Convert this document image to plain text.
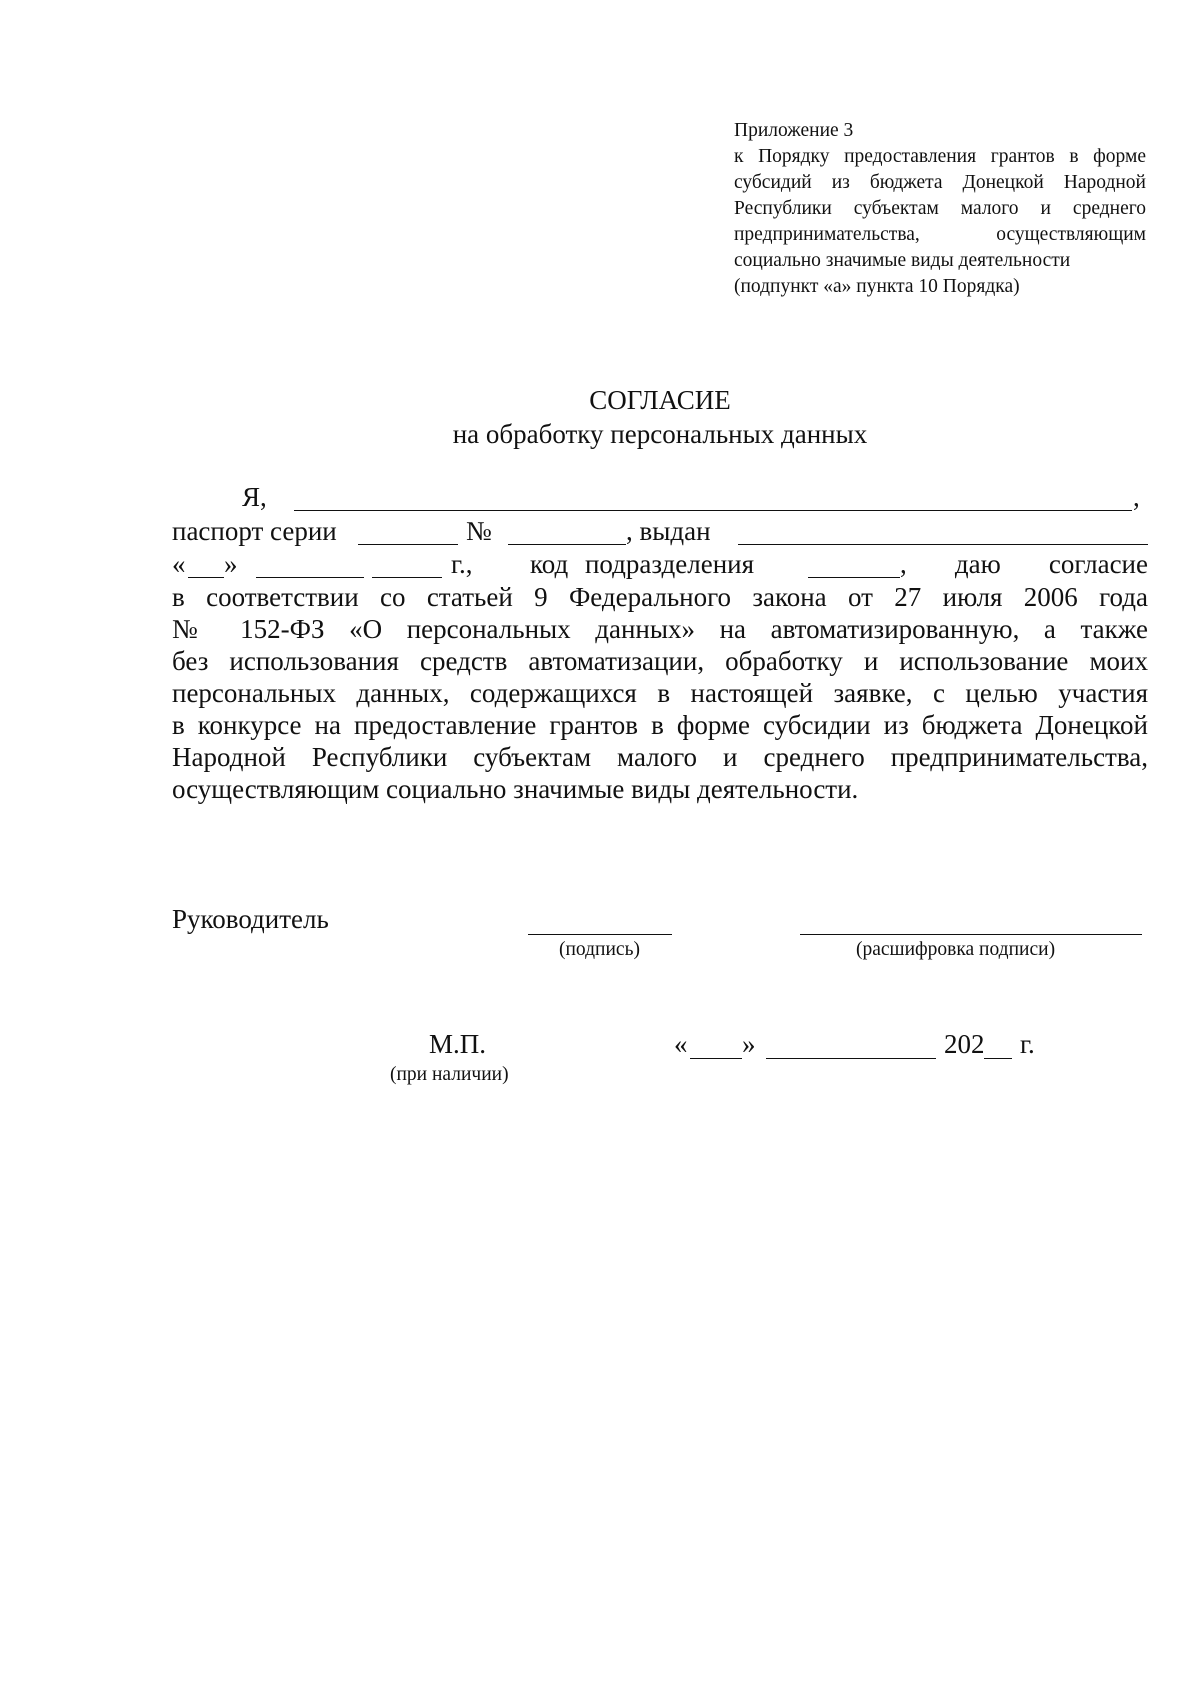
Приложение 3
к Порядку предоставления грантов в форме
субсидий из бюджета Донецкой Народной
Республики субъектам малого и среднего
предпринимательства, осуществляющим
социально значимые виды деятельности
(подпункт «а» пункта 10 Порядка)
СОГЛАСИЕ
на обработку персональных данных
Я,	,
паспорт серии	№	, выдан
« »	г., код подразделения	, даю согласие
в соответствии со статьей 9 Федерального закона от 27 июля 2006 года
№ 152-ФЗ «О персональных данных» на автоматизированную, а также
без использования средств автоматизации, обработку и использование моих
персональных данных, содержащихся в настоящей заявке, с целью участия
в конкурсе на предоставление грантов в форме субсидии из бюджета Донецкой
Народной Республики субъектам малого и среднего предпринимательства,
осуществляющим социально значимые виды деятельности.
Руководитель
(подпись)	(расшифровка подписи)
М.П.
(при наличии)
« »	202 г.
